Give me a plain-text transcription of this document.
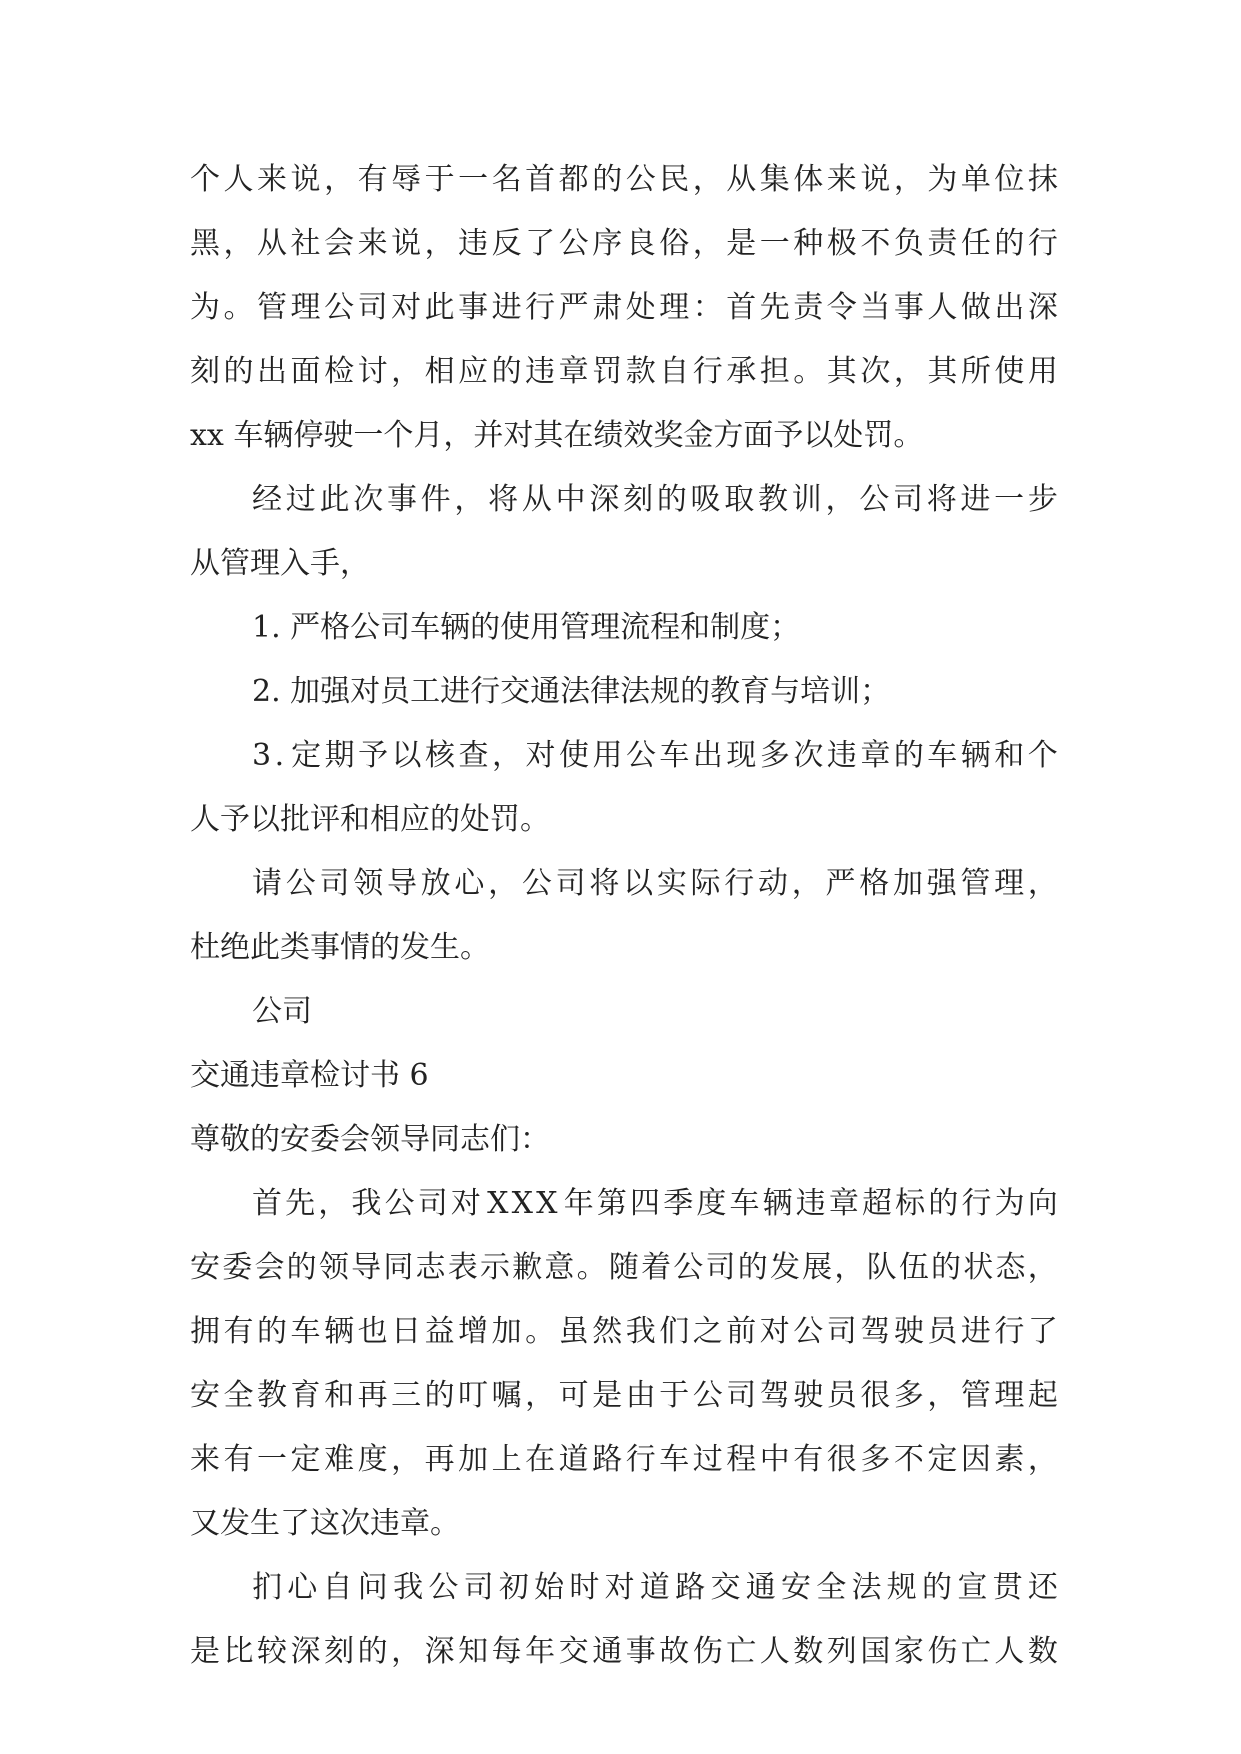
个 人 来 说 ， 有 辱 于 一 名 首 都 的 公 民 ， 从 集 体 来 说 ， 为 单 位 抹
黑 ， 从 社 会 来 说 ， 违 反 了 公 序 良 俗 ， 是 一 种 极 不 负 责 任 的 行
为 。 管 理 公 司 对 此 事 进 行 严 肃 处 理 ： 首 先 责 令 当 事 人 做 出 深
刻 的 出 面 检 讨 ， 相 应 的 违 章 罚 款 自 行 承 担 。 其 次 ， 其 所 使 用
xx 车辆停驶一个月，并对其在绩效奖金方面予以处罚。
经 过 此 次 事 件 ， 将 从 中 深 刻 的 吸 取 教 训 ， 公 司 将 进 一 步
从管理入手，
1. 严格公司车辆的使用管理流程和制度；
2. 加强对员工进行交通法律法规的教育与培训；
3 . 定 期 予 以 核 查 ， 对 使 用 公 车 出 现 多 次 违 章 的 车 辆 和 个
人予以批评和相应的处罚。
请 公 司 领 导 放 心 ， 公 司 将 以 实 际 行 动 ， 严 格 加 强 管 理 ，
杜绝此类事情的发生。
公司
交通违章检讨书 6
尊敬的安委会领导同志们：
首 先 ， 我 公 司 对 X X X 年 第 四 季 度 车 辆 违 章 超 标 的 行 为 向
安 委 会 的 领 导 同 志 表 示 歉 意 。 随 着 公 司 的 发 展 ， 队 伍 的 状 态 ，
拥 有 的 车 辆 也 日 益 增 加 。 虽 然 我 们 之 前 对 公 司 驾 驶 员 进 行 了
安 全 教 育 和 再 三 的 叮 嘱 ， 可 是 由 于 公 司 驾 驶 员 很 多 ， 管 理 起
来 有 一 定 难 度 ， 再 加 上 在 道 路 行 车 过 程 中 有 很 多 不 定 因 素 ，
又发生了这次违章。
扪 心 自 问 我 公 司 初 始 时 对 道 路 交 通 安 全 法 规 的 宣 贯 还
是 比 较 深 刻 的 ， 深 知 每 年 交 通 事 故 伤 亡 人 数 列 国 家 伤 亡 人 数
